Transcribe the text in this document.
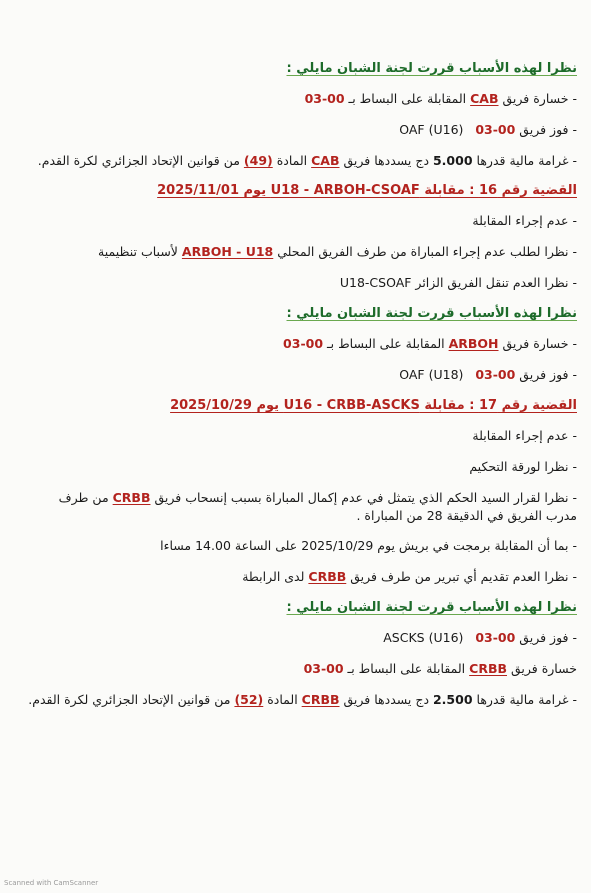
نظرا لهذه الأسباب قررت لجنة الشبان مايلي :
- خسارة فريق CAB المقابلة على البساط بـ 03-00
- فوز فريق OAF (U16) 03-00
- غرامة مالية قدرها 5.000 دج يسددها فريق CAB المادة (49) من قوانين الإتحاد الجزائري لكرة القدم.
القضية رقم 16 : مقابلة U18 - ARBOH-CSOAF يوم 2025/11/01
- عدم إجراء المقابلة
- نظرا لطلب عدم إجراء المباراة من طرف الفريق المحلي ARBOH - U18 لأسباب تنظيمية
- نظرا العدم تنقل الفريق الزائر U18-CSOAF
نظرا لهذه الأسباب قررت لجنة الشبان مايلي :
- خسارة فريق ARBOH المقابلة على البساط بـ 03-00
- فوز فريق OAF (U18) 03-00
القضية رقم 17 : مقابلة U16 - CRBB-ASCKS يوم 2025/10/29
- عدم إجراء المقابلة
- نظرا لورقة التحكيم
- نظرا لقرار السيد الحكم الذي يتمثل في عدم إكمال المباراة بسبب إنسحاب فريق CRBB من طرف مدرب الفريق في الدقيقة 28 من المباراة .
- بما أن المقابلة برمجت في بريش يوم 2025/10/29 على الساعة 14.00 مساءا
- نظرا العدم تقديم أي تبرير من طرف فريق CRBB لدى الرابطة
نظرا لهذه الأسباب قررت لجنة الشبان مايلي :
- فوز فريق ASCKS (U16) 03-00
خسارة فريق CRBB المقابلة على البساط بـ 03-00
- غرامة مالية قدرها 2.500 دج يسددها فريق CRBB المادة (52) من قوانين الإتحاد الجزائري لكرة القدم.
Scanned with CamScanner
